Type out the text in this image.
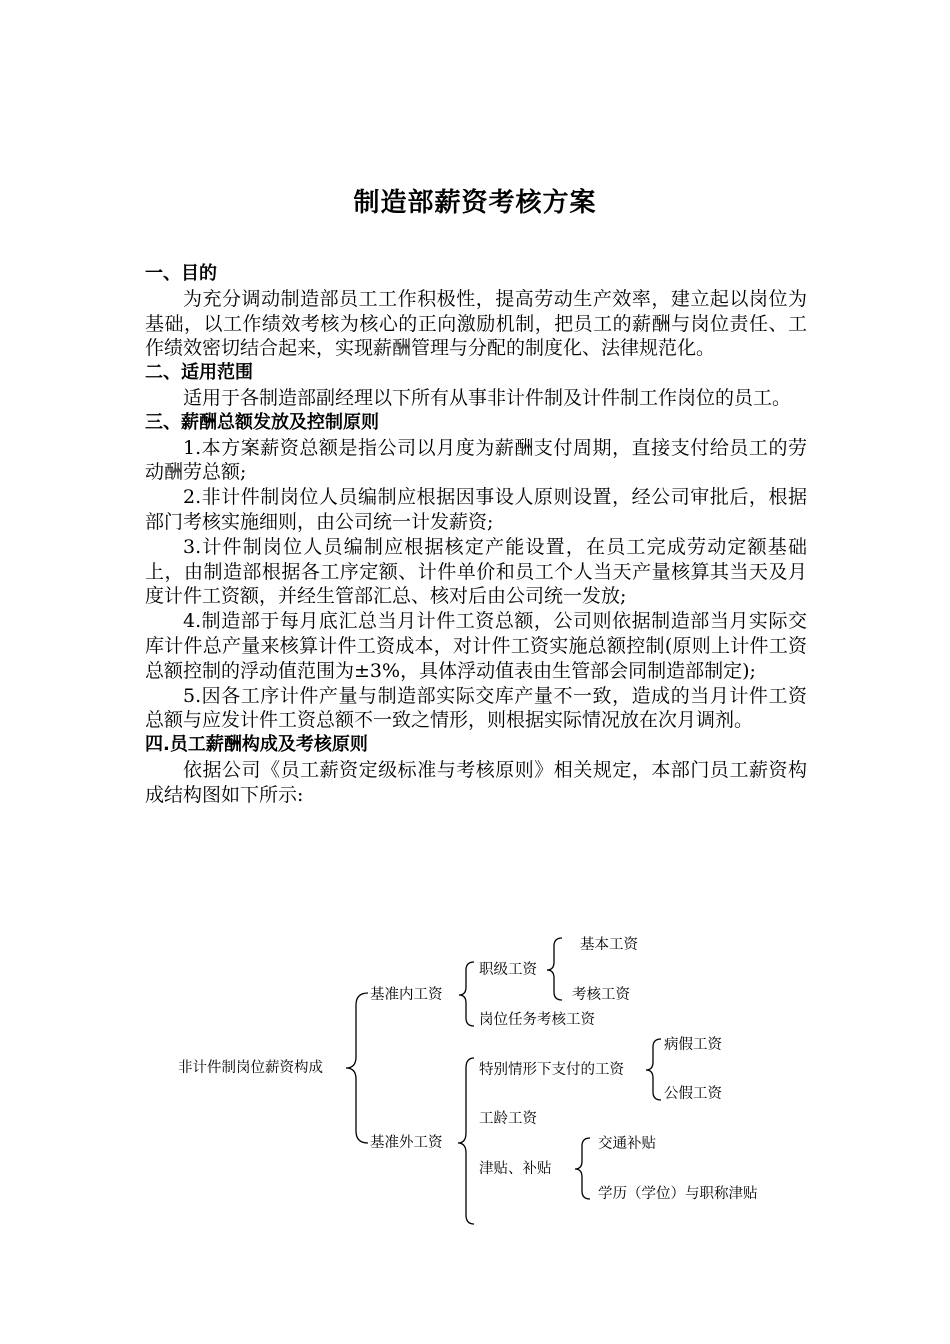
制造部薪资考核方案

一、目的

为充分调动制造部员工工作积极性，提高劳动生产效率，建立起以岗位为基础，以工作绩效考核为核心的正向激励机制，把员工的薪酬与岗位责任、工作绩效密切结合起来，实现薪酬管理与分配的制度化、法律规范化。

二、适用范围

适用于各制造部副经理以下所有从事非计件制及计件制工作岗位的员工。

三、薪酬总额发放及控制原则

1.本方案薪资总额是指公司以月度为薪酬支付周期，直接支付给员工的劳动酬劳总额;

2.非计件制岗位人员编制应根据因事设人原则设置，经公司审批后，根据部门考核实施细则，由公司统一计发薪资;

3.计件制岗位人员编制应根据核定产能设置，在员工完成劳动定额基础上，由制造部根据各工序定额、计件单价和员工个人当天产量核算其当天及月度计件工资额，并经生管部汇总、核对后由公司统一发放;

4.制造部于每月底汇总当月计件工资总额，公司则依据制造部当月实际交库计件总产量来核算计件工资成本，对计件工资实施总额控制(原则上计件工资总额控制的浮动值范围为±3%，具体浮动值表由生管部会同制造部制定);

5.因各工序计件产量与制造部实际交库产量不一致，造成的当月计件工资总额与应发计件工资总额不一致之情形，则根据实际情况放在次月调剂。

四.员工薪酬构成及考核原则

依据公司《员工薪资定级标准与考核原则》相关规定，本部门员工薪资构成结构图如下所示:

非计件制岗位薪资构成
基准内工资
职级工资
基本工资
考核工资
岗位任务考核工资
基准外工资
特别情形下支付的工资
病假工资
公假工资
工龄工资
津贴、补贴
交通补贴
学历（学位）与职称津贴
